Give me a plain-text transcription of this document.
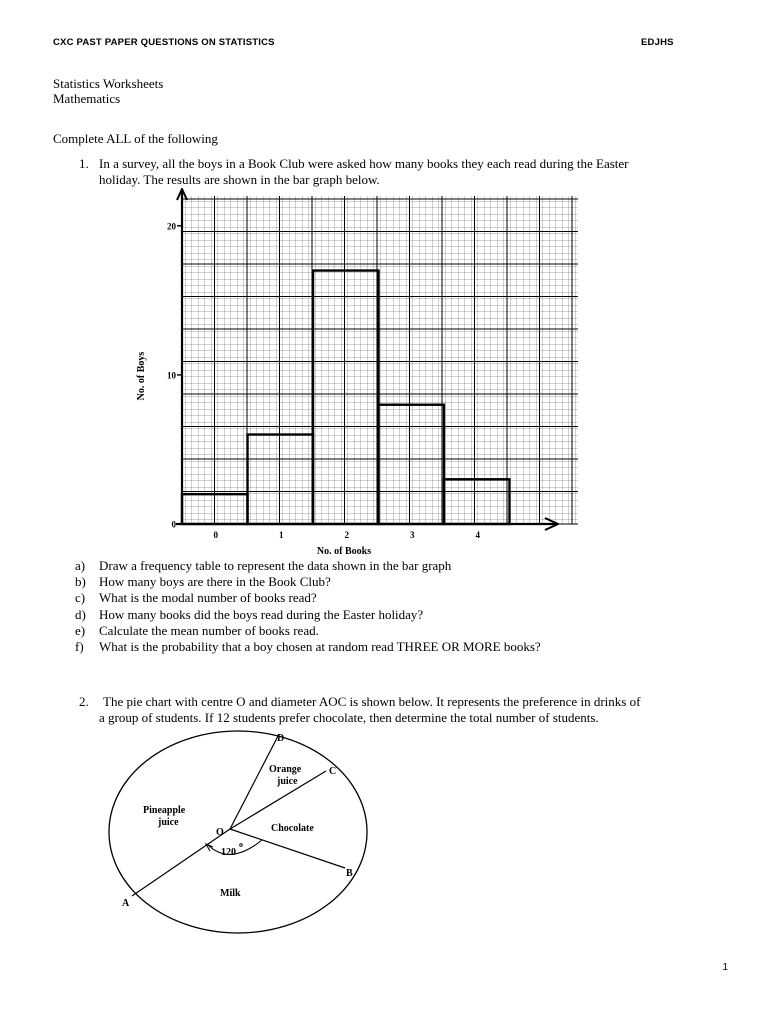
CXC PAST PAPER QUESTIONS ON STATISTICS	EDJHS
Statistics Worksheets
Mathematics
Complete ALL of the following
1. In a survey, all the boys in a Book Club were asked how many books they each read during the Easter
holiday. The results are shown in the bar graph below.
0
10
20
0	1	2	3	4
No. of Books
No. of Boys
a) Draw a frequency table to represent the data shown in the bar graph
b) How many boys are there in the Book Club?
c) What is the modal number of books read?
d) How many books did the boys read during the Easter holiday?
e) Calculate the mean number of books read.
f) What is the probability that a boy chosen at random read THREE OR MORE books?
2. The pie chart with centre O and diameter AOC is shown below. It represents the preference in drinks of
a group of students. If 12 students prefer chocolate, then determine the total number of students.
D
C
B
A
O
Orange
juice
Pineapple
juice
Chocolate
Milk
120
o
1
